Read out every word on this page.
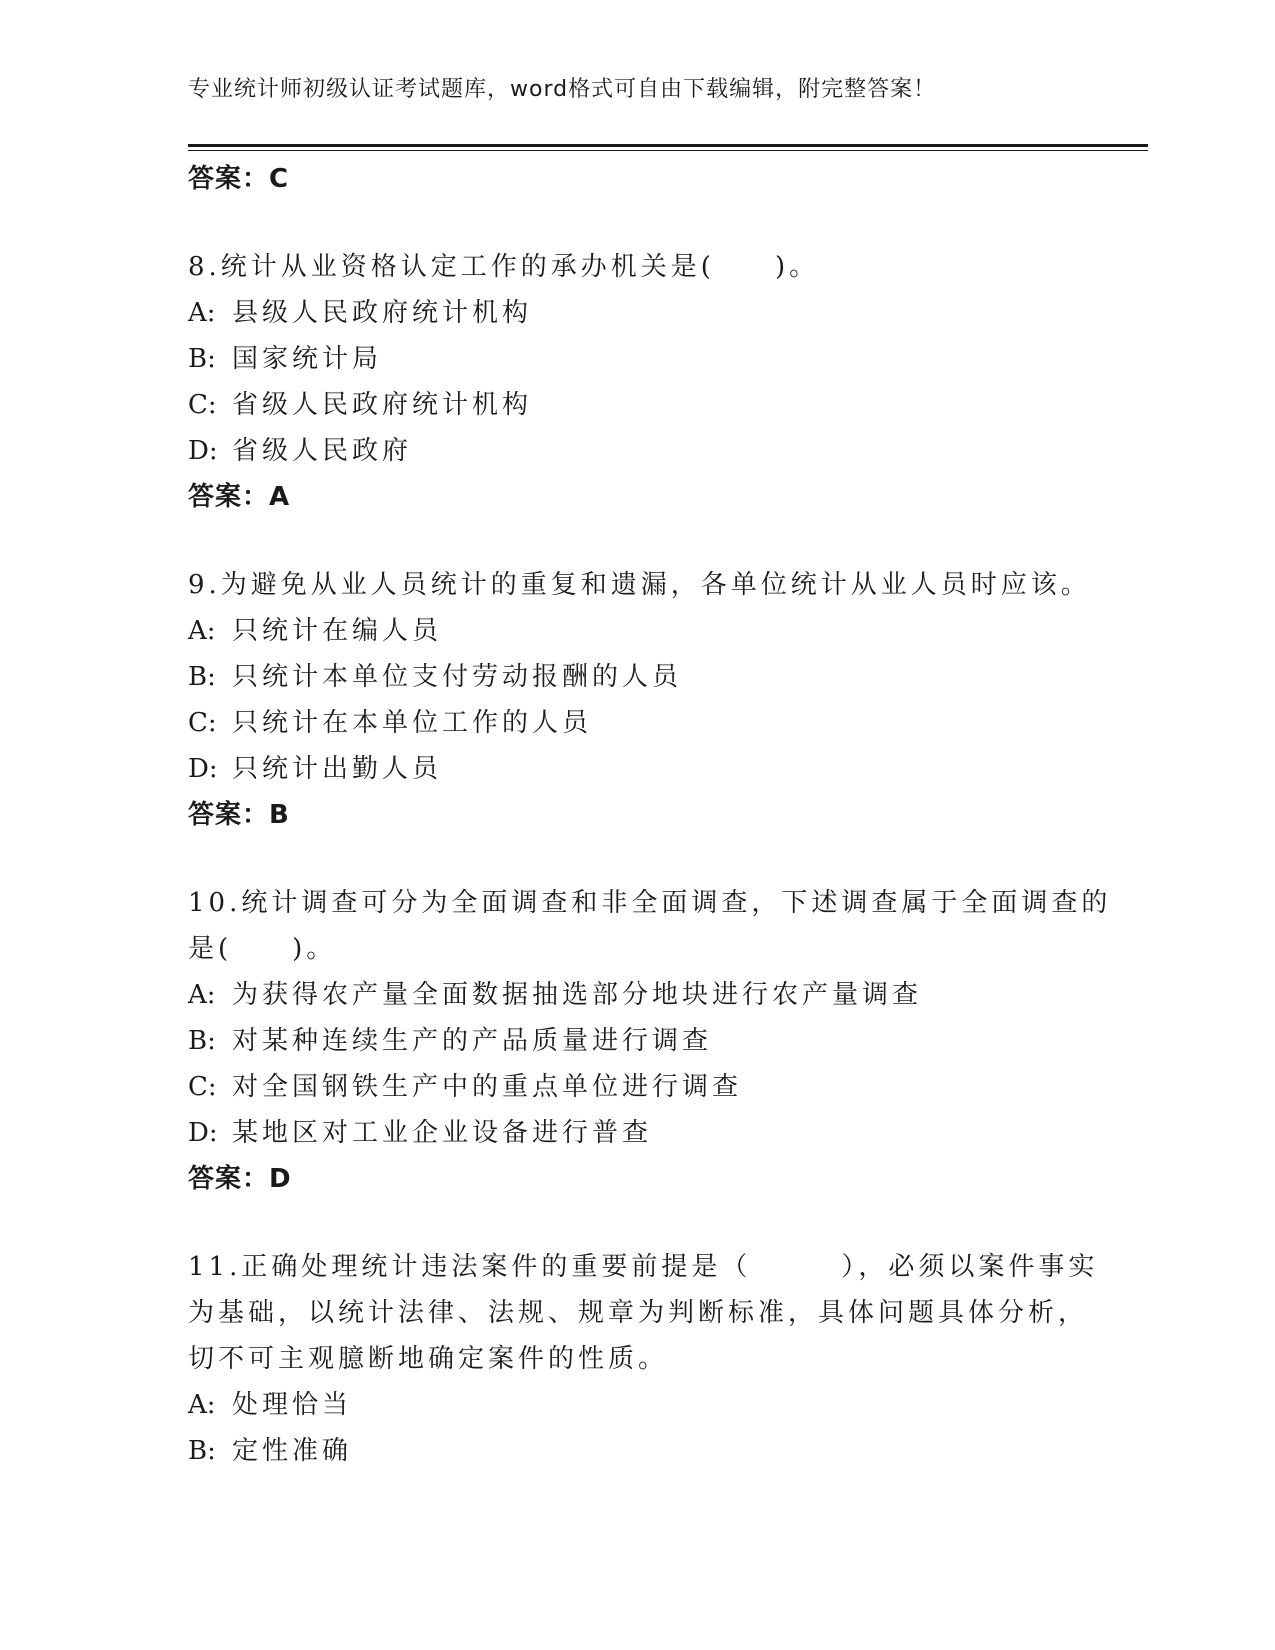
专业统计师初级认证考试题库，word格式可自由下载编辑，附完整答案！
答案：C
8.统计从业资格认定工作的承办机关是(　　)。
A: 县级人民政府统计机构
B: 国家统计局
C: 省级人民政府统计机构
D: 省级人民政府
答案：A
9.为避免从业人员统计的重复和遗漏，各单位统计从业人员时应该。
A: 只统计在编人员
B: 只统计本单位支付劳动报酬的人员
C: 只统计在本单位工作的人员
D: 只统计出勤人员
答案：B
10.统计调查可分为全面调查和非全面调查，下述调查属于全面调查的
是(　　)。
A: 为获得农产量全面数据抽选部分地块进行农产量调查
B: 对某种连续生产的产品质量进行调查
C: 对全国钢铁生产中的重点单位进行调查
D: 某地区对工业企业设备进行普查
答案：D
11.正确处理统计违法案件的重要前提是（　　　），必须以案件事实
为基础，以统计法律、法规、规章为判断标准，具体问题具体分析，
切不可主观臆断地确定案件的性质。
A: 处理恰当
B: 定性准确
